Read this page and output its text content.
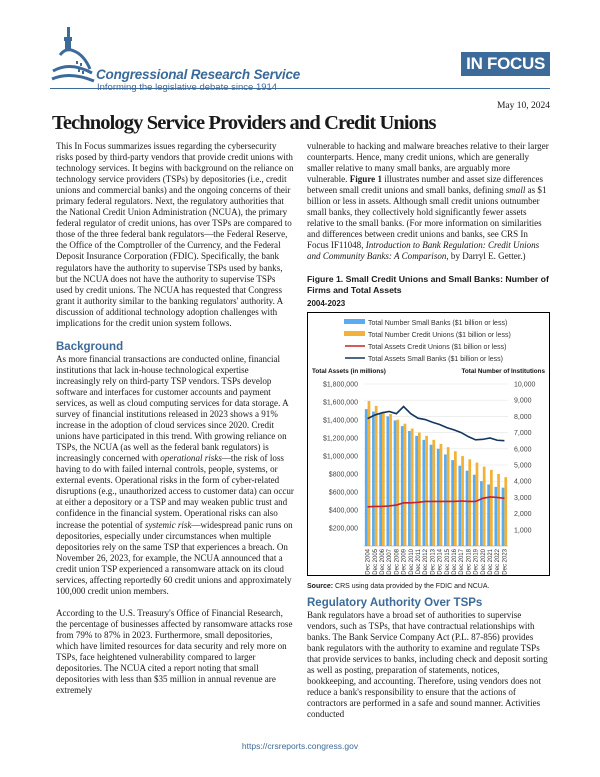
Congressional Research Service
IN FOCUS
May 10, 2024
Technology Service Providers and Credit Unions

This In Focus summarizes issues regarding the cybersecurity risks posed by third-party vendors that provide credit unions with technology services. It begins with background on the reliance on technology service providers (TSPs) by depositories (i.e., credit unions and commercial banks) and the ongoing concerns of their primary federal regulators. Next, the regulatory authorities that the National Credit Union Administration (NCUA), the primary federal regulator of credit unions, has over TSPs are compared to those of the three federal bank regulators—the Federal Reserve, the Office of the Comptroller of the Currency, and the Federal Deposit Insurance Corporation (FDIC). Specifically, the bank regulators have the authority to supervise TSPs used by banks, but the NCUA does not have the authority to supervise TSPs used by credit unions. The NCUA has requested that Congress grant it authority similar to the banking regulators' authority. A discussion of additional technology adoption challenges with implications for the credit union system follows.

Background

As more financial transactions are conducted online, financial institutions that lack in-house technological expertise increasingly rely on third-party TSP vendors. TSPs develop software and interfaces for customer accounts and payment services, as well as cloud computing services for data storage. A survey of financial institutions released in 2023 shows a 91% increase in the adoption of cloud services since 2020. Credit unions have participated in this trend. With growing reliance on TSPs, the NCUA (as well as the federal bank regulators) is increasingly concerned with operational risks—the risk of loss having to do with failed internal controls, people, systems, or external events. Operational risks in the form of cyber-related disruptions (e.g., unauthorized access to customer data) can occur at either a depository or a TSP and may weaken public trust and confidence in the financial system. Operational risks can also increase the potential of systemic risk—widespread panic runs on depositories, especially under circumstances when multiple depositories rely on the same TSP that experiences a breach. On November 26, 2023, for example, the NCUA announced that a credit union TSP experienced a ransomware attack on its cloud services, affecting reportedly 60 credit unions and approximately 100,000 credit union members.

According to the U.S. Treasury's Office of Financial Research, the percentage of businesses affected by ransomware attacks rose from 79% to 87% in 2023. Furthermore, small depositories, which have limited resources for data security and rely more on TSPs, face heightened vulnerability compared to larger depositories. The NCUA cited a report noting that small depositories with less than $35 million in annual revenue are extremely

vulnerable to hacking and malware breaches relative to their larger counterparts. Hence, many credit unions, which are generally smaller relative to many small banks, are arguably more vulnerable. Figure 1 illustrates number and asset size differences between small credit unions and small banks, defining small as $1 billion or less in assets. Although small credit unions outnumber small banks, they collectively hold significantly fewer assets relative to the small banks. (For more information on similarities and differences between credit unions and banks, see CRS In Focus IF11048, Introduction to Bank Regulation: Credit Unions and Community Banks: A Comparison, by Darryl E. Getter.)

Figure 1. Small Credit Unions and Small Banks: Number of Firms and Total Assets
2004-2023
Total Number Small Banks ($1 billion or less)
Total Number Credit Unions ($1 billion or less)
Total Assets Credit Unions ($1 billion or less)
Total Assets Small Banks ($1 billion or less)
Total Assets (in millions)	Total Number of Institutions
$200,000
$400,000
$600,000
$800,000
$1,000,000
$1,200,000
$1,400,000
$1,600,000
$1,800,000
1,000
2,000
3,000
4,000
5,000
6,000
7,000
8,000
9,000
10,000
Dec 2004 Dec 2005 Dec 2006 Dec 2007 Dec 2008 Dec 2009 Dec 2010 Dec 2011 Dec 2012 Dec 2013 Dec 2014 Dec 2015 Dec 2016 Dec 2017 Dec 2018 Dec 2019 Dec 2020 Dec 2021 Dec 2022 Dec 2023
Source: CRS using data provided by the FDIC and NCUA.
Regulatory Authority Over TSPs

Bank regulators have a broad set of authorities to supervise vendors, such as TSPs, that have contractual relationships with banks. The Bank Service Company Act (P.L. 87-856) provides bank regulators with the authority to examine and regulate TSPs that provide services to banks, including check and deposit sorting as well as posting, preparation of statements, notices, bookkeeping, and accounting. Therefore, using vendors does not reduce a bank's responsibility to ensure that the actions of contractors are performed in a safe and sound manner. Activities conducted

https://crsreports.congress.gov
